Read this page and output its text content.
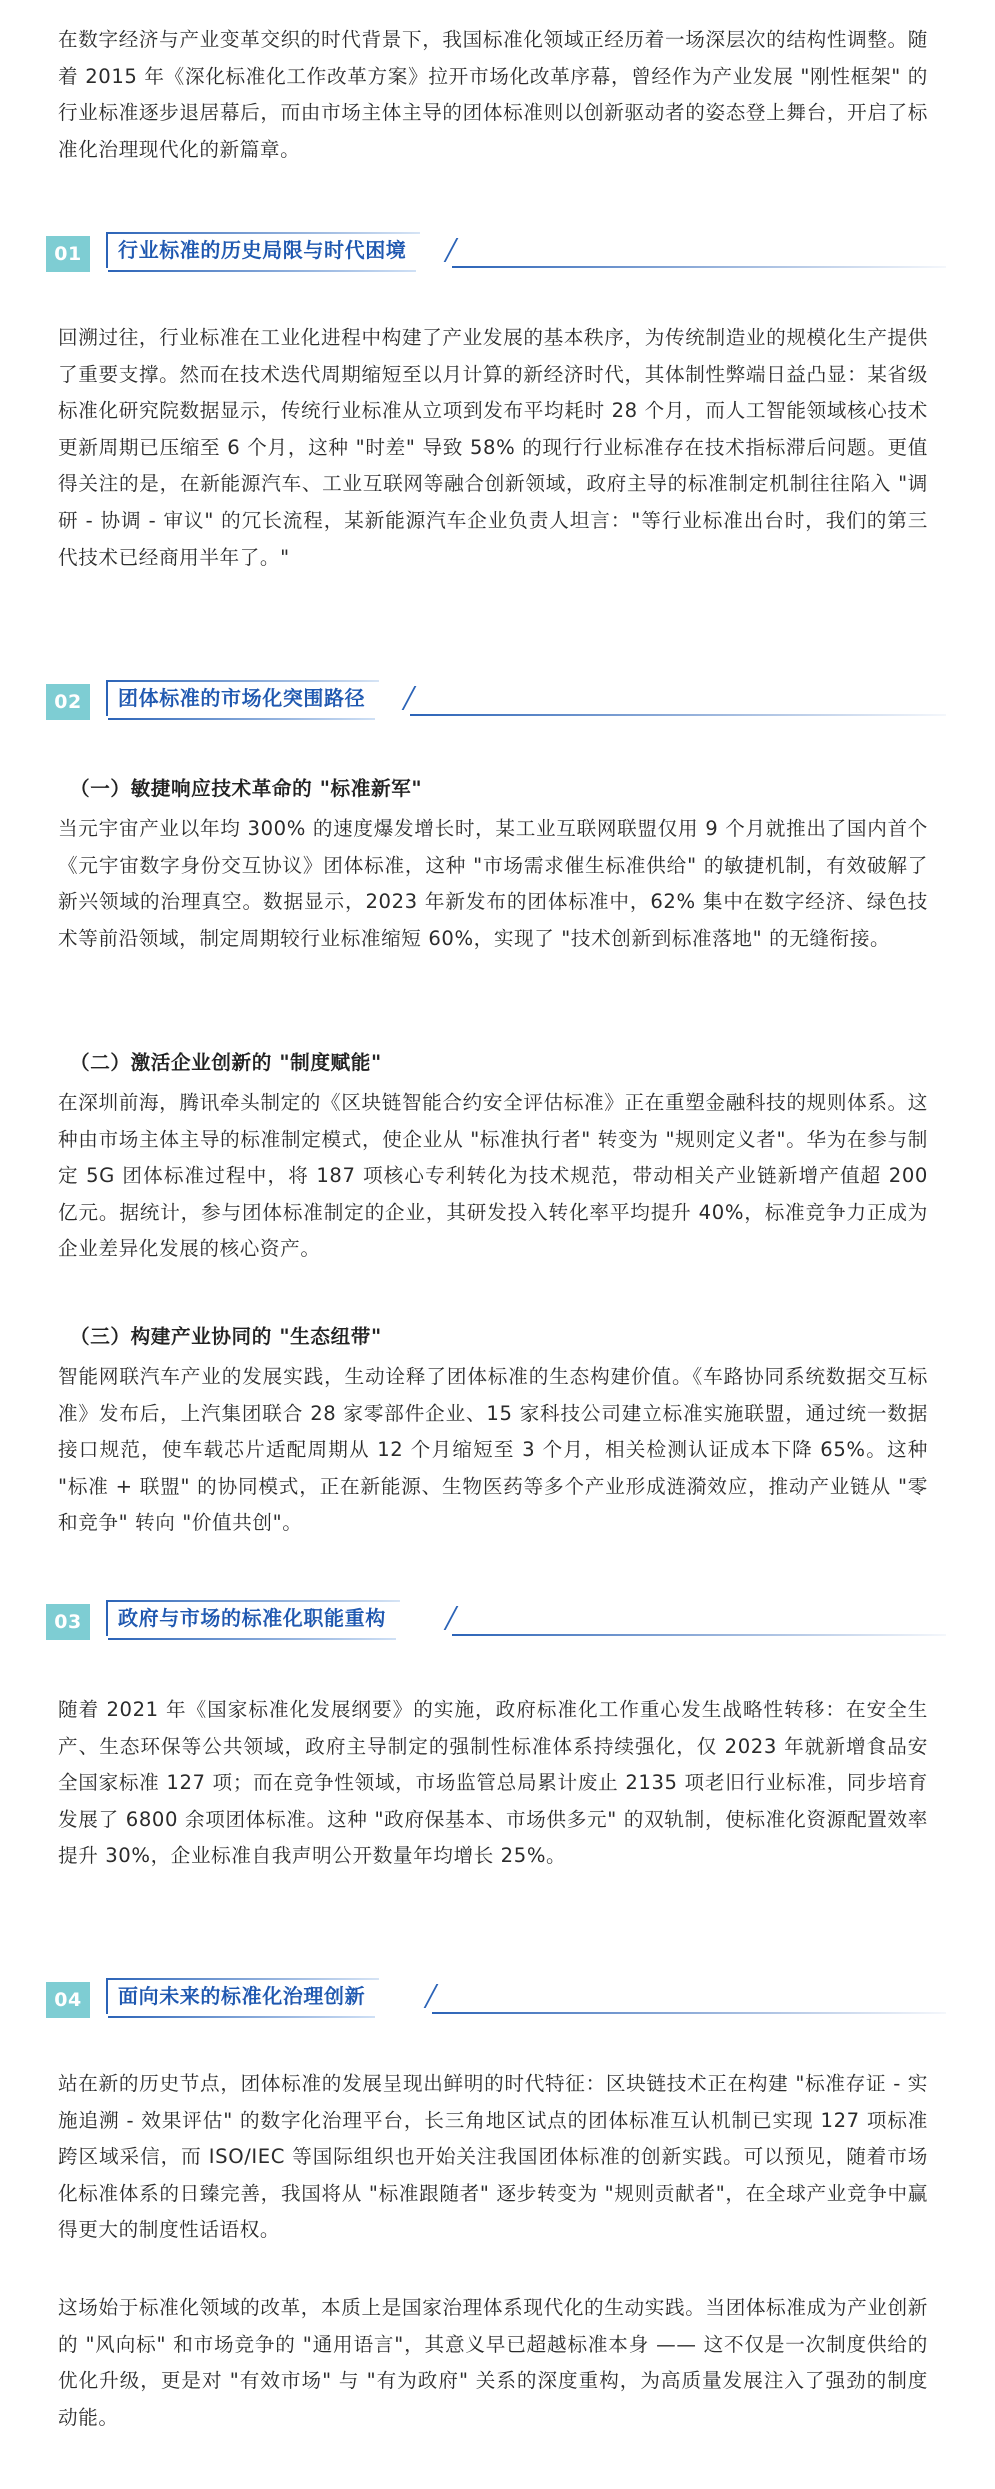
在数字经济与产业变革交织的时代背景下，我国标准化领域正经历着一场深层次的结构性调整。随着 2015 年《深化标准化工作改革方案》拉开市场化改革序幕，曾经作为产业发展 "刚性框架" 的行业标准逐步退居幕后，而由市场主体主导的团体标准则以创新驱动者的姿态登上舞台，开启了标准化治理现代化的新篇章。

01	行业标准的历史局限与时代困境

回溯过往，行业标准在工业化进程中构建了产业发展的基本秩序，为传统制造业的规模化生产提供了重要支撑。然而在技术迭代周期缩短至以月计算的新经济时代，其体制性弊端日益凸显：某省级标准化研究院数据显示，传统行业标准从立项到发布平均耗时 28 个月，而人工智能领域核心技术更新周期已压缩至 6 个月，这种 "时差" 导致 58% 的现行行业标准存在技术指标滞后问题。更值得关注的是，在新能源汽车、工业互联网等融合创新领域，政府主导的标准制定机制往往陷入 "调研 - 协调 - 审议" 的冗长流程，某新能源汽车企业负责人坦言："等行业标准出台时，我们的第三代技术已经商用半年了。"

02	团体标准的市场化突围路径

（一）敏捷响应技术革命的 "标准新军"

当元宇宙产业以年均 300% 的速度爆发增长时，某工业互联网联盟仅用 9 个月就推出了国内首个《元宇宙数字身份交互协议》团体标准，这种 "市场需求催生标准供给" 的敏捷机制，有效破解了新兴领域的治理真空。数据显示，2023 年新发布的团体标准中，62% 集中在数字经济、绿色技术等前沿领域，制定周期较行业标准缩短 60%，实现了 "技术创新到标准落地" 的无缝衔接。

（二）激活企业创新的 "制度赋能"

在深圳前海，腾讯牵头制定的《区块链智能合约安全评估标准》正在重塑金融科技的规则体系。这种由市场主体主导的标准制定模式，使企业从 "标准执行者" 转变为 "规则定义者"。华为在参与制定 5G 团体标准过程中，将 187 项核心专利转化为技术规范，带动相关产业链新增产值超 200 亿元。据统计，参与团体标准制定的企业，其研发投入转化率平均提升 40%，标准竞争力正成为企业差异化发展的核心资产。

（三）构建产业协同的 "生态纽带"

智能网联汽车产业的发展实践，生动诠释了团体标准的生态构建价值。《车路协同系统数据交互标准》发布后，上汽集团联合 28 家零部件企业、15 家科技公司建立标准实施联盟，通过统一数据接口规范，使车载芯片适配周期从 12 个月缩短至 3 个月，相关检测认证成本下降 65%。这种 "标准 + 联盟" 的协同模式，正在新能源、生物医药等多个产业形成涟漪效应，推动产业链从 "零和竞争" 转向 "价值共创"。

03	政府与市场的标准化职能重构

随着 2021 年《国家标准化发展纲要》的实施，政府标准化工作重心发生战略性转移：在安全生产、生态环保等公共领域，政府主导制定的强制性标准体系持续强化，仅 2023 年就新增食品安全国家标准 127 项；而在竞争性领域，市场监管总局累计废止 2135 项老旧行业标准，同步培育发展了 6800 余项团体标准。这种 "政府保基本、市场供多元" 的双轨制，使标准化资源配置效率提升 30%，企业标准自我声明公开数量年均增长 25%。

04	面向未来的标准化治理创新

站在新的历史节点，团体标准的发展呈现出鲜明的时代特征：区块链技术正在构建 "标准存证 - 实施追溯 - 效果评估" 的数字化治理平台，长三角地区试点的团体标准互认机制已实现 127 项标准跨区域采信，而 ISO/IEC 等国际组织也开始关注我国团体标准的创新实践。可以预见，随着市场化标准体系的日臻完善，我国将从 "标准跟随者" 逐步转变为 "规则贡献者"，在全球产业竞争中赢得更大的制度性话语权。

这场始于标准化领域的改革，本质上是国家治理体系现代化的生动实践。当团体标准成为产业创新的 "风向标" 和市场竞争的 "通用语言"，其意义早已超越标准本身 —— 这不仅是一次制度供给的优化升级，更是对 "有效市场" 与 "有为政府" 关系的深度重构，为高质量发展注入了强劲的制度动能。
